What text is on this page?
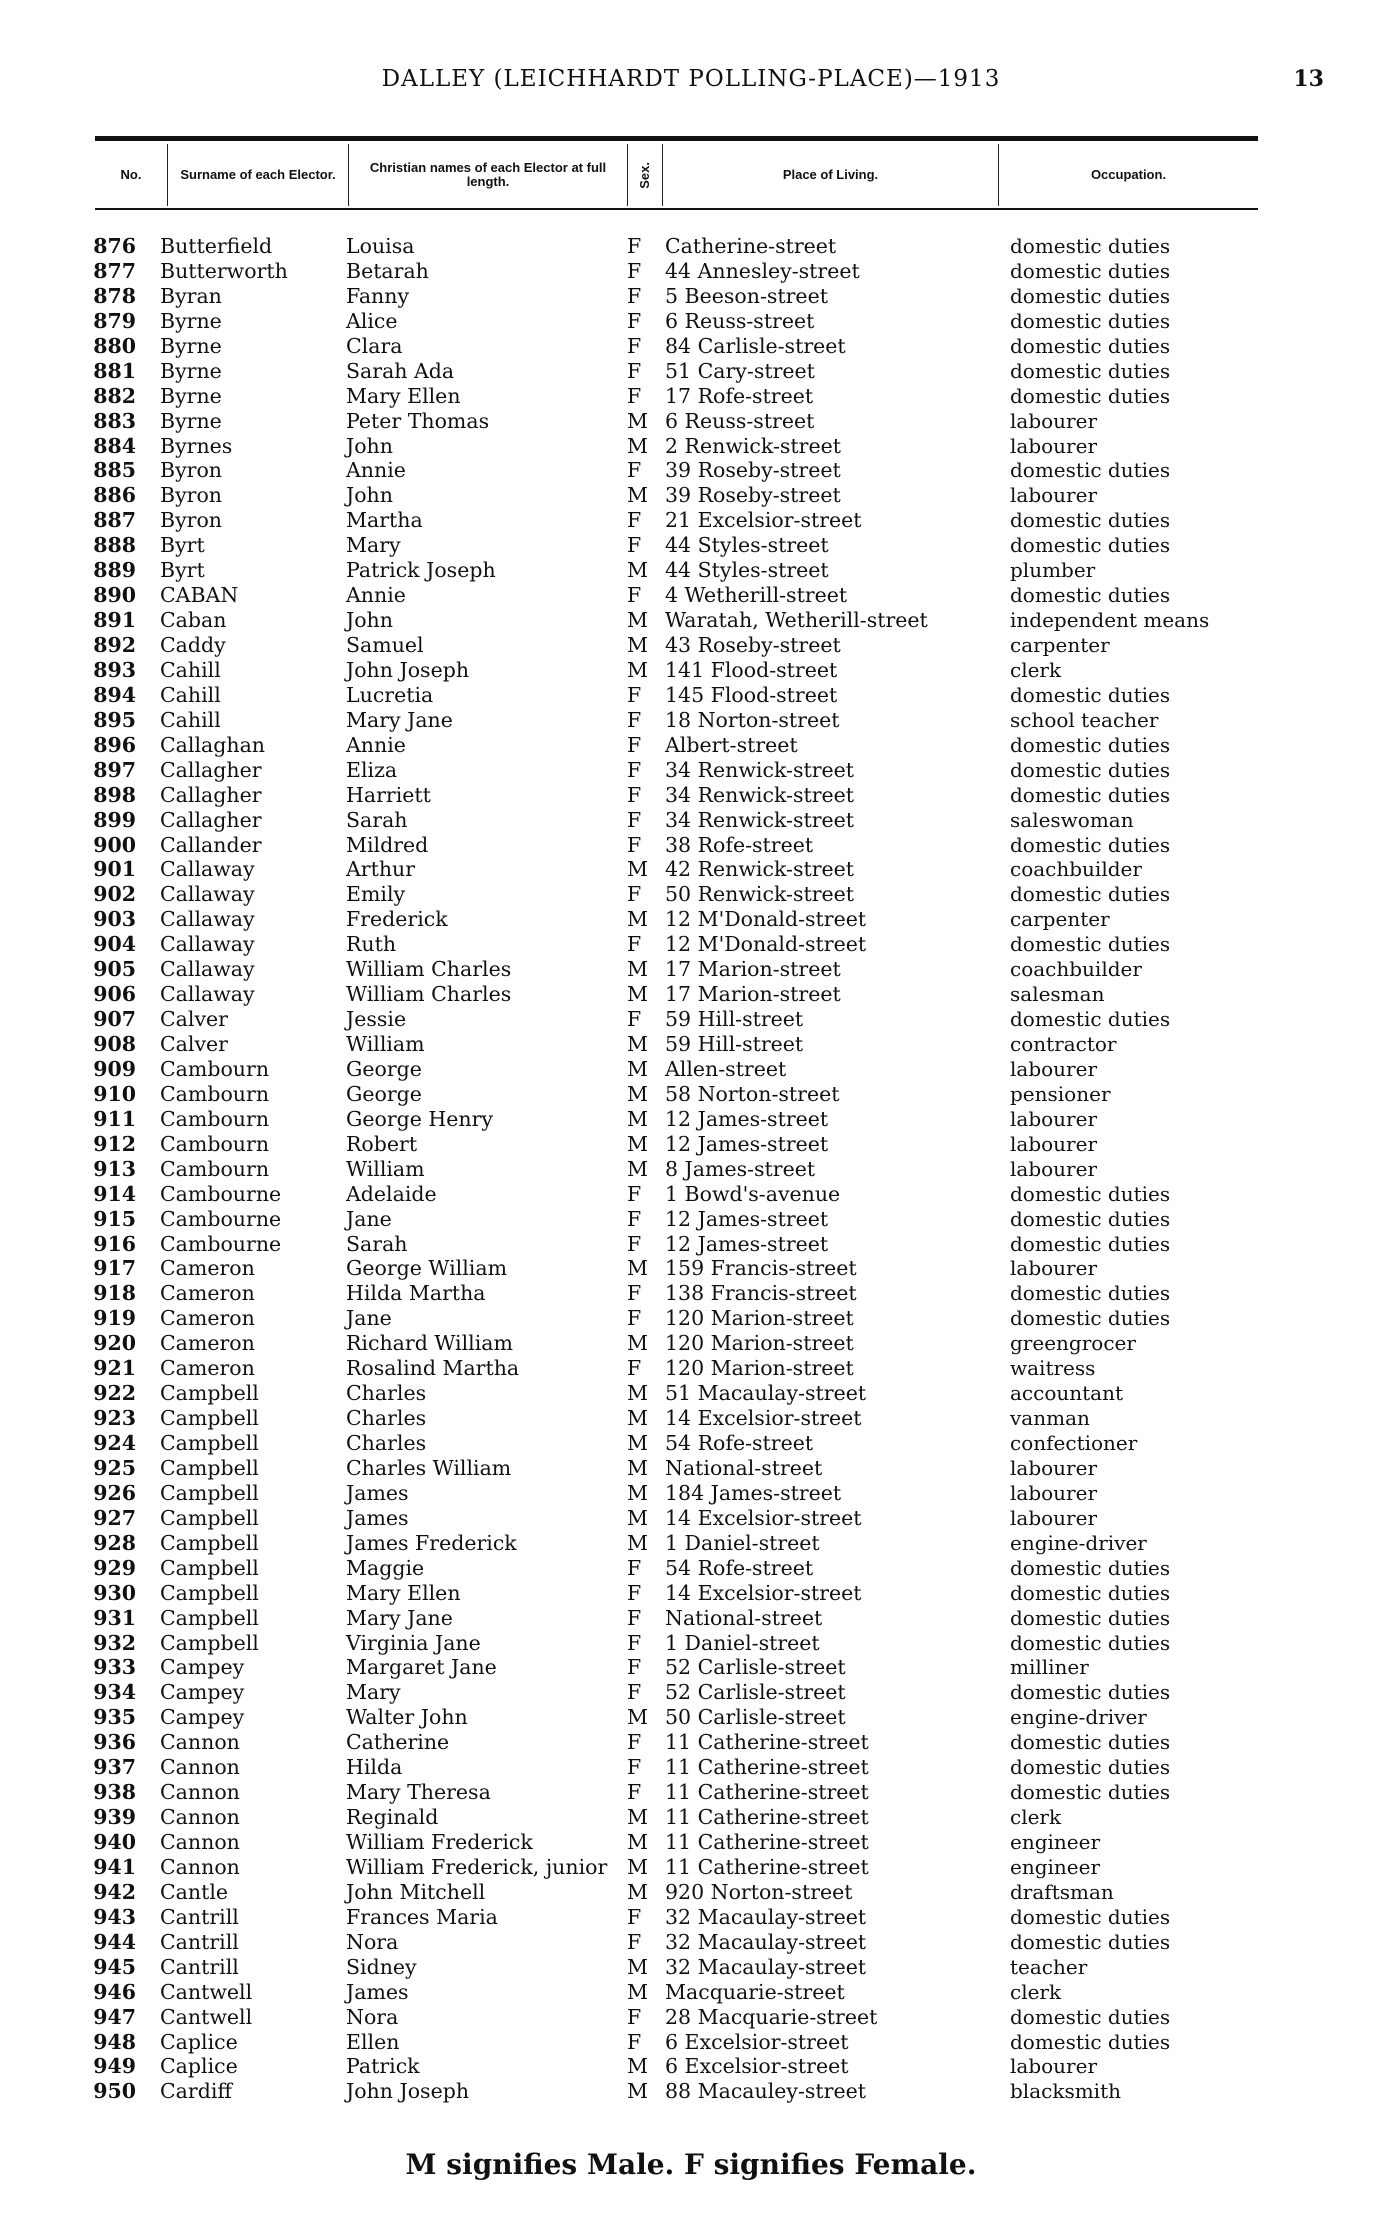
DALLEY (LEICHHARDT POLLING-PLACE)—1913	13
No.	Surname of each Elector.	Christian names of each Elector at full length.	Sex.	Place of Living.	Occupation.
876 Butterfield	Louisa	F Catherine-street	domestic duties
877 Butterworth	Betarah	F 44 Annesley-street	domestic duties
878 Byran	Fanny	F 5 Beeson-street	domestic duties
879 Byrne	Alice	F 6 Reuss-street	domestic duties
880 Byrne	Clara	F 84 Carlisle-street	domestic duties
881 Byrne	Sarah Ada	F 51 Cary-street	domestic duties
882 Byrne	Mary Ellen	F 17 Rofe-street	domestic duties
883 Byrne	Peter Thomas	M 6 Reuss-street	labourer
884 Byrnes	John	M 2 Renwick-street	labourer
885 Byron	Annie	F 39 Roseby-street	domestic duties
886 Byron	John	M 39 Roseby-street	labourer
887 Byron	Martha	F 21 Excelsior-street	domestic duties
888 Byrt	Mary	F 44 Styles-street	domestic duties
889 Byrt	Patrick Joseph	M 44 Styles-street	plumber
890 CABAN	Annie	F 4 Wetherill-street	domestic duties
891 Caban	John	M Waratah, Wetherill-street	independent means
892 Caddy	Samuel	M 43 Roseby-street	carpenter
893 Cahill	John Joseph	M 141 Flood-street	clerk
894 Cahill	Lucretia	F 145 Flood-street	domestic duties
895 Cahill	Mary Jane	F 18 Norton-street	school teacher
896 Callaghan	Annie	F Albert-street	domestic duties
897 Callagher	Eliza	F 34 Renwick-street	domestic duties
898 Callagher	Harriett	F 34 Renwick-street	domestic duties
899 Callagher	Sarah	F 34 Renwick-street	saleswoman
900 Callander	Mildred	F 38 Rofe-street	domestic duties
901 Callaway	Arthur	M 42 Renwick-street	coachbuilder
902 Callaway	Emily	F 50 Renwick-street	domestic duties
903 Callaway	Frederick	M 12 M'Donald-street	carpenter
904 Callaway	Ruth	F 12 M'Donald-street	domestic duties
905 Callaway	William Charles	M 17 Marion-street	coachbuilder
906 Callaway	William Charles	M 17 Marion-street	salesman
907 Calver	Jessie	F 59 Hill-street	domestic duties
908 Calver	William	M 59 Hill-street	contractor
909 Cambourn	George	M Allen-street	labourer
910 Cambourn	George	M 58 Norton-street	pensioner
911 Cambourn	George Henry	M 12 James-street	labourer
912 Cambourn	Robert	M 12 James-street	labourer
913 Cambourn	William	M 8 James-street	labourer
914 Cambourne	Adelaide	F 1 Bowd's-avenue	domestic duties
915 Cambourne	Jane	F 12 James-street	domestic duties
916 Cambourne	Sarah	F 12 James-street	domestic duties
917 Cameron	George William	M 159 Francis-street	labourer
918 Cameron	Hilda Martha	F 138 Francis-street	domestic duties
919 Cameron	Jane	F 120 Marion-street	domestic duties
920 Cameron	Richard William	M 120 Marion-street	greengrocer
921 Cameron	Rosalind Martha	F 120 Marion-street	waitress
922 Campbell	Charles	M 51 Macaulay-street	accountant
923 Campbell	Charles	M 14 Excelsior-street	vanman
924 Campbell	Charles	M 54 Rofe-street	confectioner
925 Campbell	Charles William	M National-street	labourer
926 Campbell	James	M 184 James-street	labourer
927 Campbell	James	M 14 Excelsior-street	labourer
928 Campbell	James Frederick	M 1 Daniel-street	engine-driver
929 Campbell	Maggie	F 54 Rofe-street	domestic duties
930 Campbell	Mary Ellen	F 14 Excelsior-street	domestic duties
931 Campbell	Mary Jane	F National-street	domestic duties
932 Campbell	Virginia Jane	F 1 Daniel-street	domestic duties
933 Campey	Margaret Jane	F 52 Carlisle-street	milliner
934 Campey	Mary	F 52 Carlisle-street	domestic duties
935 Campey	Walter John	M 50 Carlisle-street	engine-driver
936 Cannon	Catherine	F 11 Catherine-street	domestic duties
937 Cannon	Hilda	F 11 Catherine-street	domestic duties
938 Cannon	Mary Theresa	F 11 Catherine-street	domestic duties
939 Cannon	Reginald	M 11 Catherine-street	clerk
940 Cannon	William Frederick	M 11 Catherine-street	engineer
941 Cannon	William Frederick, junior M 11 Catherine-street	engineer
942 Cantle	John Mitchell	M 920 Norton-street	draftsman
943 Cantrill	Frances Maria	F 32 Macaulay-street	domestic duties
944 Cantrill	Nora	F 32 Macaulay-street	domestic duties
945 Cantrill	Sidney	M 32 Macaulay-street	teacher
946 Cantwell	James	M Macquarie-street	clerk
947 Cantwell	Nora	F 28 Macquarie-street	domestic duties
948 Caplice	Ellen	F 6 Excelsior-street	domestic duties
949 Caplice	Patrick	M 6 Excelsior-street	labourer
950 Cardiff	John Joseph	M 88 Macauley-street	blacksmith
M signifies Male. F signifies Female.
